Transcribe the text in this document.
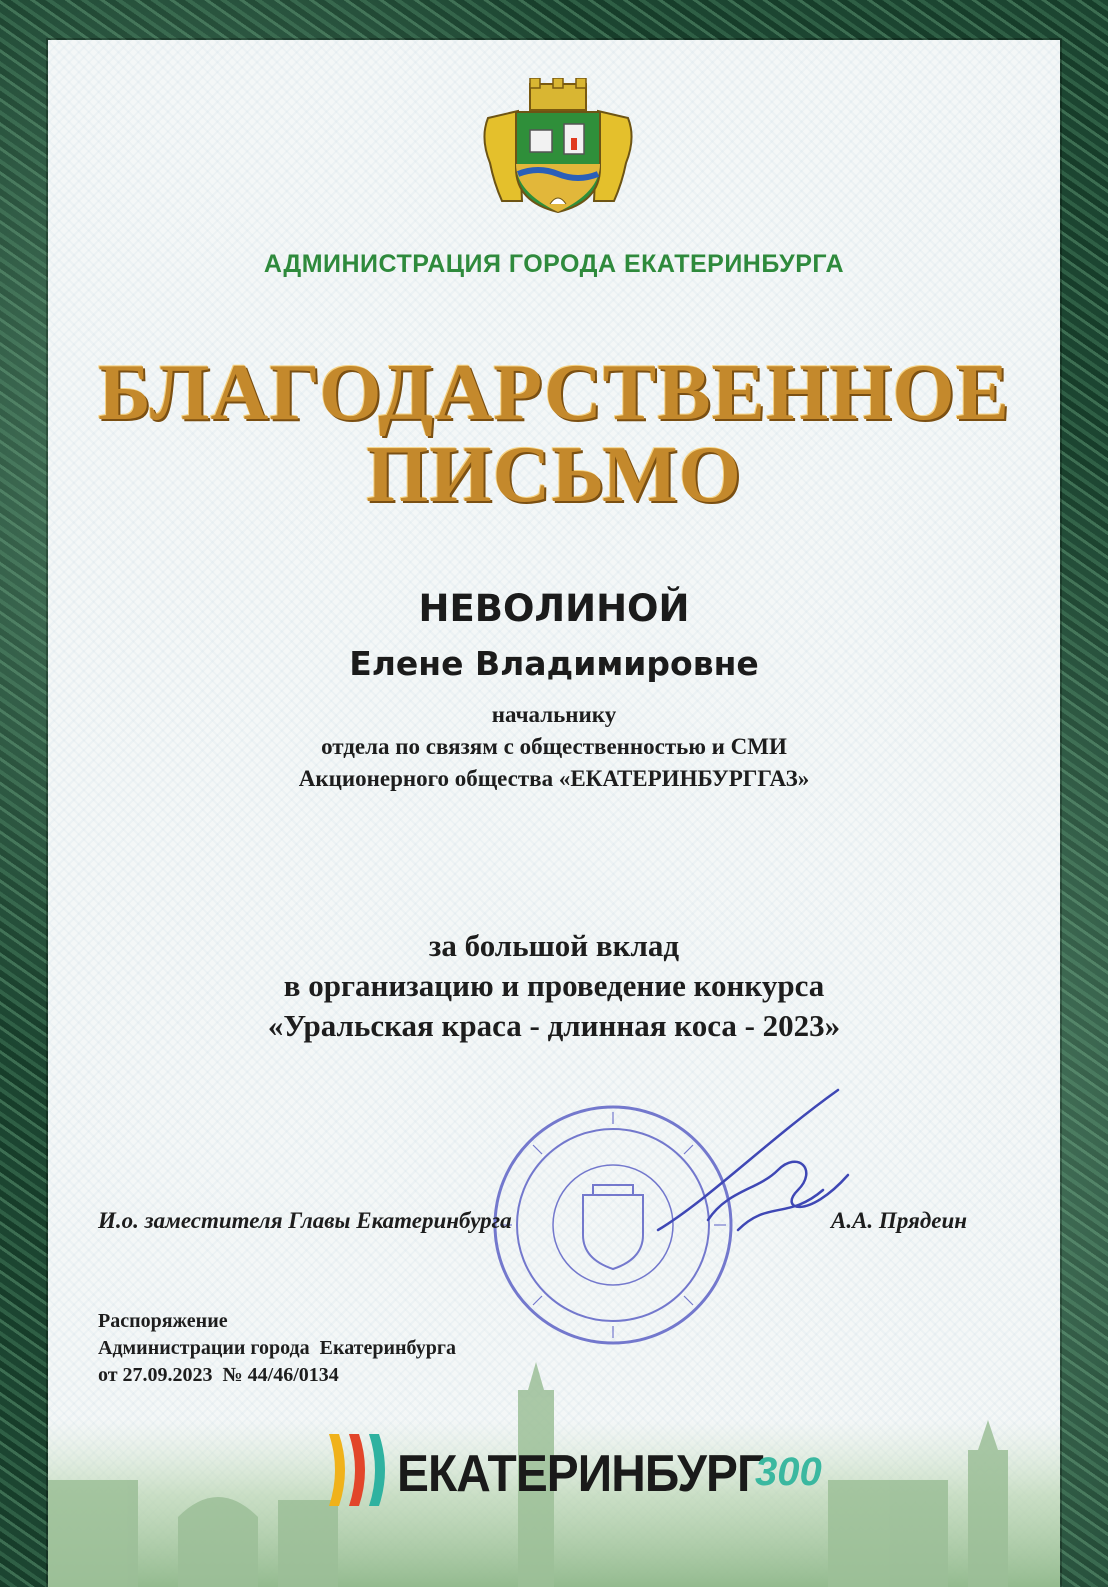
АДМИНИСТРАЦИЯ ГОРОДА ЕКАТЕРИНБУРГА
БЛАГОДАРСТВЕННОЕ
ПИСЬМО
НЕВОЛИНОЙ
Елене Владимировне
начальнику
отдела по связям с общественностью и СМИ
Акционерного общества «ЕКАТЕРИНБУРГГАЗ»
за большой вклад
в организацию и проведение конкурса
«Уральская краса - длинная коса - 2023»
И.о. заместителя Главы Екатеринбурга	А.А. Прядеин
Распоряжение
Администрации города  Екатеринбурга
от 27.09.2023  № 44/46/0134
ЕКАТЕРИНБУРГ
300
